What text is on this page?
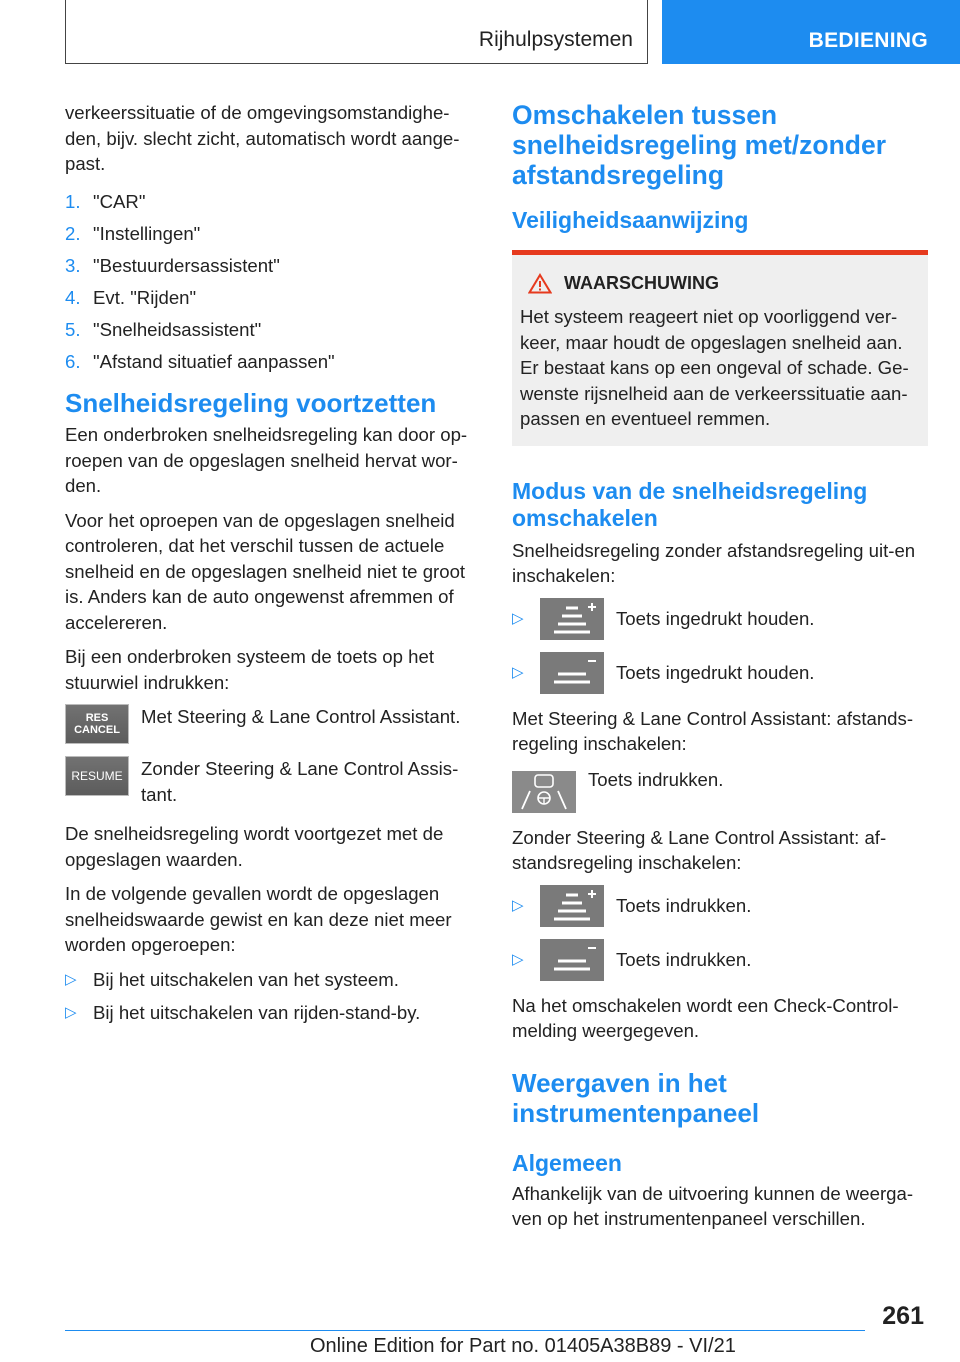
Rijhulpsystemen	BEDIENING

verkeerssituatie of de omgevingsomstandighe-den, bijv. slecht zicht, automatisch wordt aange-past.

1. "CAR"
2. "Instellingen"
3. "Bestuurdersassistent"
4. Evt. "Rijden"
5. "Snelheidsassistent"
6. "Afstand situatief aanpassen"
Snelheidsregeling voortzetten

Een onderbroken snelheidsregeling kan door op-roepen van de opgeslagen snelheid hervat wor-den.

Voor het oproepen van de opgeslagen snelheid controleren, dat het verschil tussen de actuele snelheid en de opgeslagen snelheid niet te groot is. Anders kan de auto ongewenst afremmen of accelereren.

Bij een onderbroken systeem de toets op het stuurwiel indrukken:

RES
CANCEL
Met Steering & Lane Control Assistant.
RESUME Zonder Steering & Lane Control Assis-tant.

De snelheidsregeling wordt voortgezet met de opgeslagen waarden.

In de volgende gevallen wordt de opgeslagen snelheidswaarde gewist en kan deze niet meer worden opgeroepen:

▷ Bij het uitschakelen van het systeem.
▷ Bij het uitschakelen van rijden-stand-by.
Omschakelen tussen snelheidsregeling met/zonder afstandsregeling
Veiligheidsaanwijzing
WAARSCHUWING

Het systeem reageert niet op voorliggend ver-keer, maar houdt de opgeslagen snelheid aan. Er bestaat kans op een ongeval of schade. Ge-wenste rijsnelheid aan de verkeerssituatie aan-passen en eventueel remmen.

Modus van de snelheidsregeling omschakelen

Snelheidsregeling zonder afstandsregeling uit-en inschakelen:

▷	Toets ingedrukt houden.
▷	Toets ingedrukt houden.

Met Steering & Lane Control Assistant: afstands-regeling inschakelen:

Toets indrukken.

Zonder Steering & Lane Control Assistant: af-standsregeling inschakelen:

▷	Toets indrukken.
▷	Toets indrukken.

Na het omschakelen wordt een Check-Control-melding weergegeven.

Weergaven in het instrumentenpaneel
Algemeen

Afhankelijk van de uitvoering kunnen de weerga-ven op het instrumentenpaneel verschillen.

261
Online Edition for Part no. 01405A38B89 - VI/21
